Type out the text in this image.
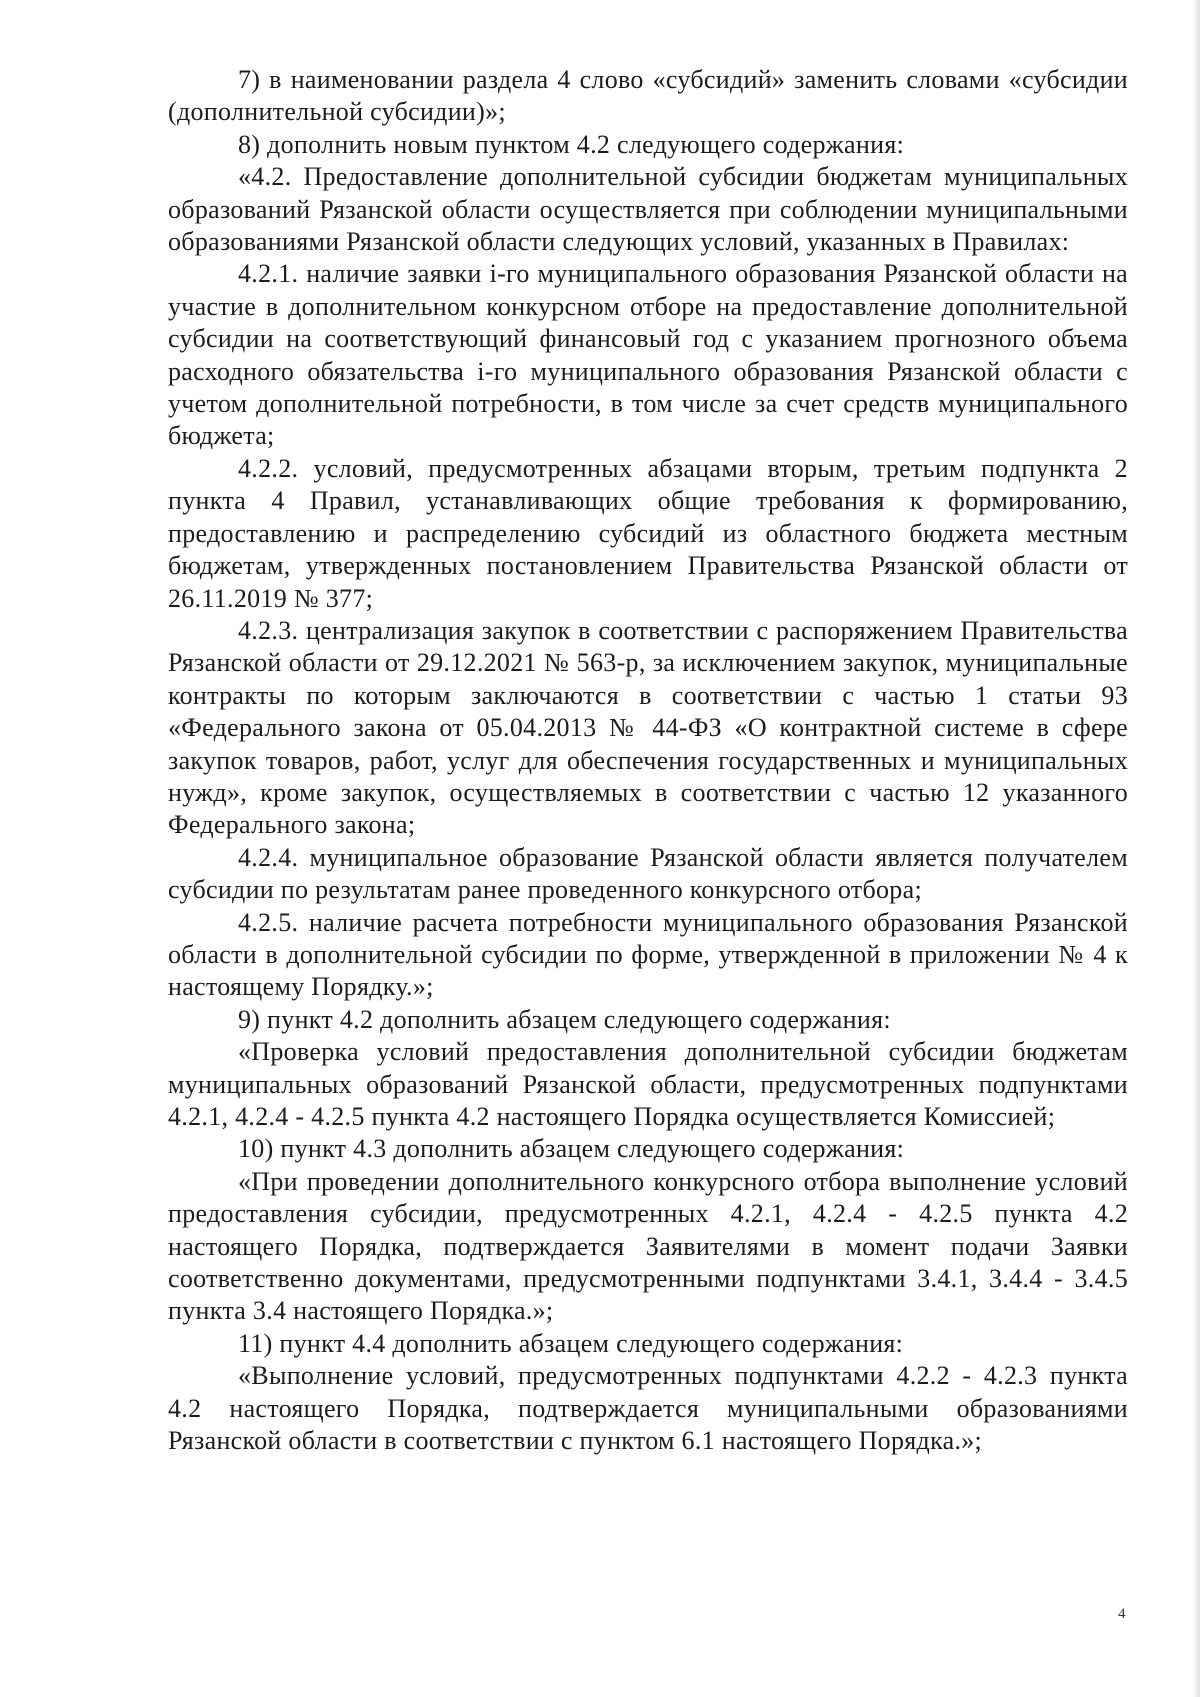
7) в наименовании раздела 4 слово «субсидий» заменить словами «субсидии (дополнительной субсидии)»;

8) дополнить новым пунктом 4.2 следующего содержания:

«4.2. Предоставление дополнительной субсидии бюджетам муниципальных образований Рязанской области осуществляется при соблюдении муниципальными образованиями Рязанской области следующих условий, указанных в Правилах:

4.2.1. наличие заявки i-го муниципального образования Рязанской области на участие в дополнительном конкурсном отборе на предоставление дополнительной субсидии на соответствующий финансовый год с указанием прогнозного объема расходного обязательства i-го муниципального образования Рязанской области с учетом дополнительной потребности, в том числе за счет средств муниципального бюджета;

4.2.2. условий, предусмотренных абзацами вторым, третьим подпункта 2 пункта 4 Правил, устанавливающих общие требования к формированию, предоставлению и распределению субсидий из областного бюджета местным бюджетам, утвержденных постановлением Правительства Рязанской области от 26.11.2019 № 377;

4.2.3. централизация закупок в соответствии с распоряжением Правительства Рязанской области от 29.12.2021 № 563-р, за исключением закупок, муниципальные контракты по которым заключаются в соответствии с частью 1 статьи 93 «Федерального закона от 05.04.2013 № 44-ФЗ «О контрактной системе в сфере закупок товаров, работ, услуг для обеспечения государственных и муниципальных нужд», кроме закупок, осуществляемых в соответствии с частью 12 указанного Федерального закона;

4.2.4. муниципальное образование Рязанской области является получателем субсидии по результатам ранее проведенного конкурсного отбора;

4.2.5. наличие расчета потребности муниципального образования Рязанской области в дополнительной субсидии по форме, утвержденной в приложении № 4 к настоящему Порядку.»;

9) пункт 4.2 дополнить абзацем следующего содержания:

«Проверка условий предоставления дополнительной субсидии бюджетам муниципальных образований Рязанской области, предусмотренных подпунктами 4.2.1, 4.2.4 - 4.2.5 пункта 4.2 настоящего Порядка осуществляется Комиссией;

10) пункт 4.3 дополнить абзацем следующего содержания:

«При проведении дополнительного конкурсного отбора выполнение условий предоставления субсидии, предусмотренных 4.2.1, 4.2.4 - 4.2.5 пункта 4.2 настоящего Порядка, подтверждается Заявителями в момент подачи Заявки соответственно документами, предусмотренными подпунктами 3.4.1, 3.4.4 - 3.4.5 пункта 3.4 настоящего Порядка.»;

11) пункт 4.4 дополнить абзацем следующего содержания:

«Выполнение условий, предусмотренных подпунктами 4.2.2 - 4.2.3 пункта 4.2 настоящего Порядка, подтверждается муниципальными образованиями Рязанской области в соответствии с пунктом 6.1 настоящего Порядка.»;

4
